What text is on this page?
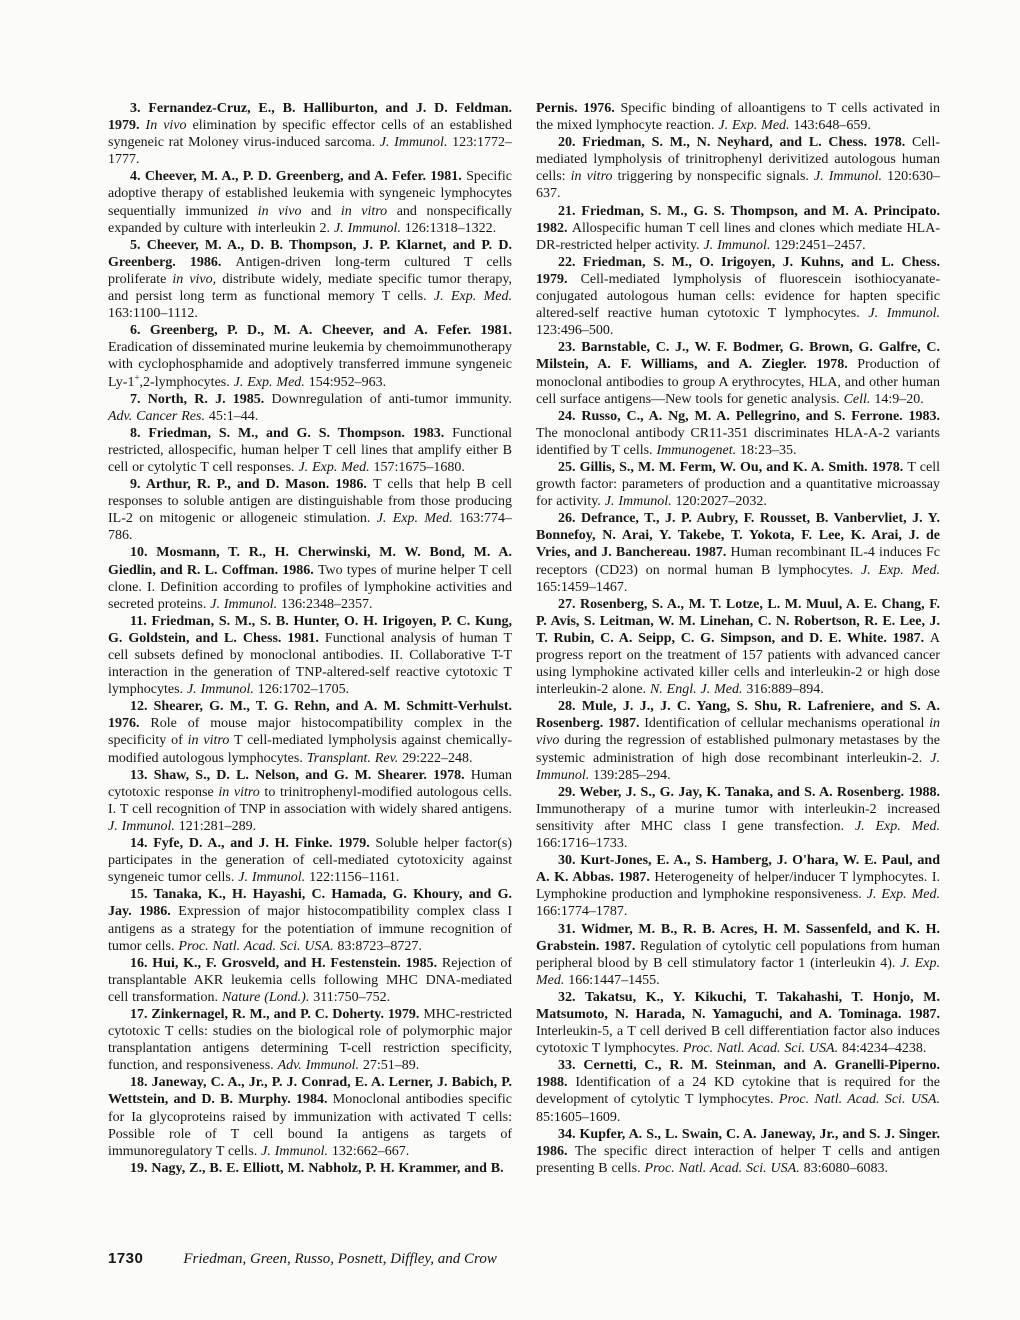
3. Fernandez-Cruz, E., B. Halliburton, and J. D. Feldman. 1979. In vivo elimination by specific effector cells of an established syngeneic rat Moloney virus-induced sarcoma. J. Immunol. 123:1772–1777.

4. Cheever, M. A., P. D. Greenberg, and A. Fefer. 1981. Specific adoptive therapy of established leukemia with syngeneic lymphocytes sequentially immunized in vivo and in vitro and nonspecifically expanded by culture with interleukin 2. J. Immunol. 126:1318–1322.

5. Cheever, M. A., D. B. Thompson, J. P. Klarnet, and P. D. Greenberg. 1986. Antigen-driven long-term cultured T cells proliferate in vivo, distribute widely, mediate specific tumor therapy, and persist long term as functional memory T cells. J. Exp. Med. 163:1100–1112.

6. Greenberg, P. D., M. A. Cheever, and A. Fefer. 1981. Eradication of disseminated murine leukemia by chemoimmunotherapy with cyclophosphamide and adoptively transferred immune syngeneic Ly-1+,2-lymphocytes. J. Exp. Med. 154:952–963.

7. North, R. J. 1985. Downregulation of anti-tumor immunity. Adv. Cancer Res. 45:1–44.

8. Friedman, S. M., and G. S. Thompson. 1983. Functional restricted, allospecific, human helper T cell lines that amplify either B cell or cytolytic T cell responses. J. Exp. Med. 157:1675–1680.

9. Arthur, R. P., and D. Mason. 1986. T cells that help B cell responses to soluble antigen are distinguishable from those producing IL-2 on mitogenic or allogeneic stimulation. J. Exp. Med. 163:774–786.

10. Mosmann, T. R., H. Cherwinski, M. W. Bond, M. A. Giedlin, and R. L. Coffman. 1986. Two types of murine helper T cell clone. I. Definition according to profiles of lymphokine activities and secreted proteins. J. Immunol. 136:2348–2357.

11. Friedman, S. M., S. B. Hunter, O. H. Irigoyen, P. C. Kung, G. Goldstein, and L. Chess. 1981. Functional analysis of human T cell subsets defined by monoclonal antibodies. II. Collaborative T-T interaction in the generation of TNP-altered-self reactive cytotoxic T lymphocytes. J. Immunol. 126:1702–1705.

12. Shearer, G. M., T. G. Rehn, and A. M. Schmitt-Verhulst. 1976. Role of mouse major histocompatibility complex in the specificity of in vitro T cell-mediated lympholysis against chemically-modified autologous lymphocytes. Transplant. Rev. 29:222–248.

13. Shaw, S., D. L. Nelson, and G. M. Shearer. 1978. Human cytotoxic response in vitro to trinitrophenyl-modified autologous cells. I. T cell recognition of TNP in association with widely shared antigens. J. Immunol. 121:281–289.

14. Fyfe, D. A., and J. H. Finke. 1979. Soluble helper factor(s) participates in the generation of cell-mediated cytotoxicity against syngeneic tumor cells. J. Immunol. 122:1156–1161.

15. Tanaka, K., H. Hayashi, C. Hamada, G. Khoury, and G. Jay. 1986. Expression of major histocompatibility complex class I antigens as a strategy for the potentiation of immune recognition of tumor cells. Proc. Natl. Acad. Sci. USA. 83:8723–8727.

16. Hui, K., F. Grosveld, and H. Festenstein. 1985. Rejection of transplantable AKR leukemia cells following MHC DNA-mediated cell transformation. Nature (Lond.). 311:750–752.

17. Zinkernagel, R. M., and P. C. Doherty. 1979. MHC-restricted cytotoxic T cells: studies on the biological role of polymorphic major transplantation antigens determining T-cell restriction specificity, function, and responsiveness. Adv. Immunol. 27:51–89.

18. Janeway, C. A., Jr., P. J. Conrad, E. A. Lerner, J. Babich, P. Wettstein, and D. B. Murphy. 1984. Monoclonal antibodies specific for Ia glycoproteins raised by immunization with activated T cells: Possible role of T cell bound Ia antigens as targets of immunoregulatory T cells. J. Immunol. 132:662–667.

19. Nagy, Z., B. E. Elliott, M. Nabholz, P. H. Krammer, and B.

Pernis. 1976. Specific binding of alloantigens to T cells activated in the mixed lymphocyte reaction. J. Exp. Med. 143:648–659.

20. Friedman, S. M., N. Neyhard, and L. Chess. 1978. Cell-mediated lympholysis of trinitrophenyl derivitized autologous human cells: in vitro triggering by nonspecific signals. J. Immunol. 120:630–637.

21. Friedman, S. M., G. S. Thompson, and M. A. Principato. 1982. Allospecific human T cell lines and clones which mediate HLA-DR-restricted helper activity. J. Immunol. 129:2451–2457.

22. Friedman, S. M., O. Irigoyen, J. Kuhns, and L. Chess. 1979. Cell-mediated lympholysis of fluorescein isothiocyanate-conjugated autologous human cells: evidence for hapten specific altered-self reactive human cytotoxic T lymphocytes. J. Immunol. 123:496–500.

23. Barnstable, C. J., W. F. Bodmer, G. Brown, G. Galfre, C. Milstein, A. F. Williams, and A. Ziegler. 1978. Production of monoclonal antibodies to group A erythrocytes, HLA, and other human cell surface antigens—New tools for genetic analysis. Cell. 14:9–20.

24. Russo, C., A. Ng, M. A. Pellegrino, and S. Ferrone. 1983. The monoclonal antibody CR11-351 discriminates HLA-A-2 variants identified by T cells. Immunogenet. 18:23–35.

25. Gillis, S., M. M. Ferm, W. Ou, and K. A. Smith. 1978. T cell growth factor: parameters of production and a quantitative microassay for activity. J. Immunol. 120:2027–2032.

26. Defrance, T., J. P. Aubry, F. Rousset, B. Vanbervliet, J. Y. Bonnefoy, N. Arai, Y. Takebe, T. Yokota, F. Lee, K. Arai, J. de Vries, and J. Banchereau. 1987. Human recombinant IL-4 induces Fc receptors (CD23) on normal human B lymphocytes. J. Exp. Med. 165:1459–1467.

27. Rosenberg, S. A., M. T. Lotze, L. M. Muul, A. E. Chang, F. P. Avis, S. Leitman, W. M. Linehan, C. N. Robertson, R. E. Lee, J. T. Rubin, C. A. Seipp, C. G. Simpson, and D. E. White. 1987. A progress report on the treatment of 157 patients with advanced cancer using lymphokine activated killer cells and interleukin-2 or high dose interleukin-2 alone. N. Engl. J. Med. 316:889–894.

28. Mule, J. J., J. C. Yang, S. Shu, R. Lafreniere, and S. A. Rosenberg. 1987. Identification of cellular mechanisms operational in vivo during the regression of established pulmonary metastases by the systemic administration of high dose recombinant interleukin-2. J. Immunol. 139:285–294.

29. Weber, J. S., G. Jay, K. Tanaka, and S. A. Rosenberg. 1988. Immunotherapy of a murine tumor with interleukin-2 increased sensitivity after MHC class I gene transfection. J. Exp. Med. 166:1716–1733.

30. Kurt-Jones, E. A., S. Hamberg, J. O'hara, W. E. Paul, and A. K. Abbas. 1987. Heterogeneity of helper/inducer T lymphocytes. I. Lymphokine production and lymphokine responsiveness. J. Exp. Med. 166:1774–1787.

31. Widmer, M. B., R. B. Acres, H. M. Sassenfeld, and K. H. Grabstein. 1987. Regulation of cytolytic cell populations from human peripheral blood by B cell stimulatory factor 1 (interleukin 4). J. Exp. Med. 166:1447–1455.

32. Takatsu, K., Y. Kikuchi, T. Takahashi, T. Honjo, M. Matsumoto, N. Harada, N. Yamaguchi, and A. Tominaga. 1987. Interleukin-5, a T cell derived B cell differentiation factor also induces cytotoxic T lymphocytes. Proc. Natl. Acad. Sci. USA. 84:4234–4238.

33. Cernetti, C., R. M. Steinman, and A. Granelli-Piperno. 1988. Identification of a 24 KD cytokine that is required for the development of cytolytic T lymphocytes. Proc. Natl. Acad. Sci. USA. 85:1605–1609.

34. Kupfer, A. S., L. Swain, C. A. Janeway, Jr., and S. J. Singer. 1986. The specific direct interaction of helper T cells and antigen presenting B cells. Proc. Natl. Acad. Sci. USA. 83:6080–6083.

1730	Friedman, Green, Russo, Posnett, Diffley, and Crow
